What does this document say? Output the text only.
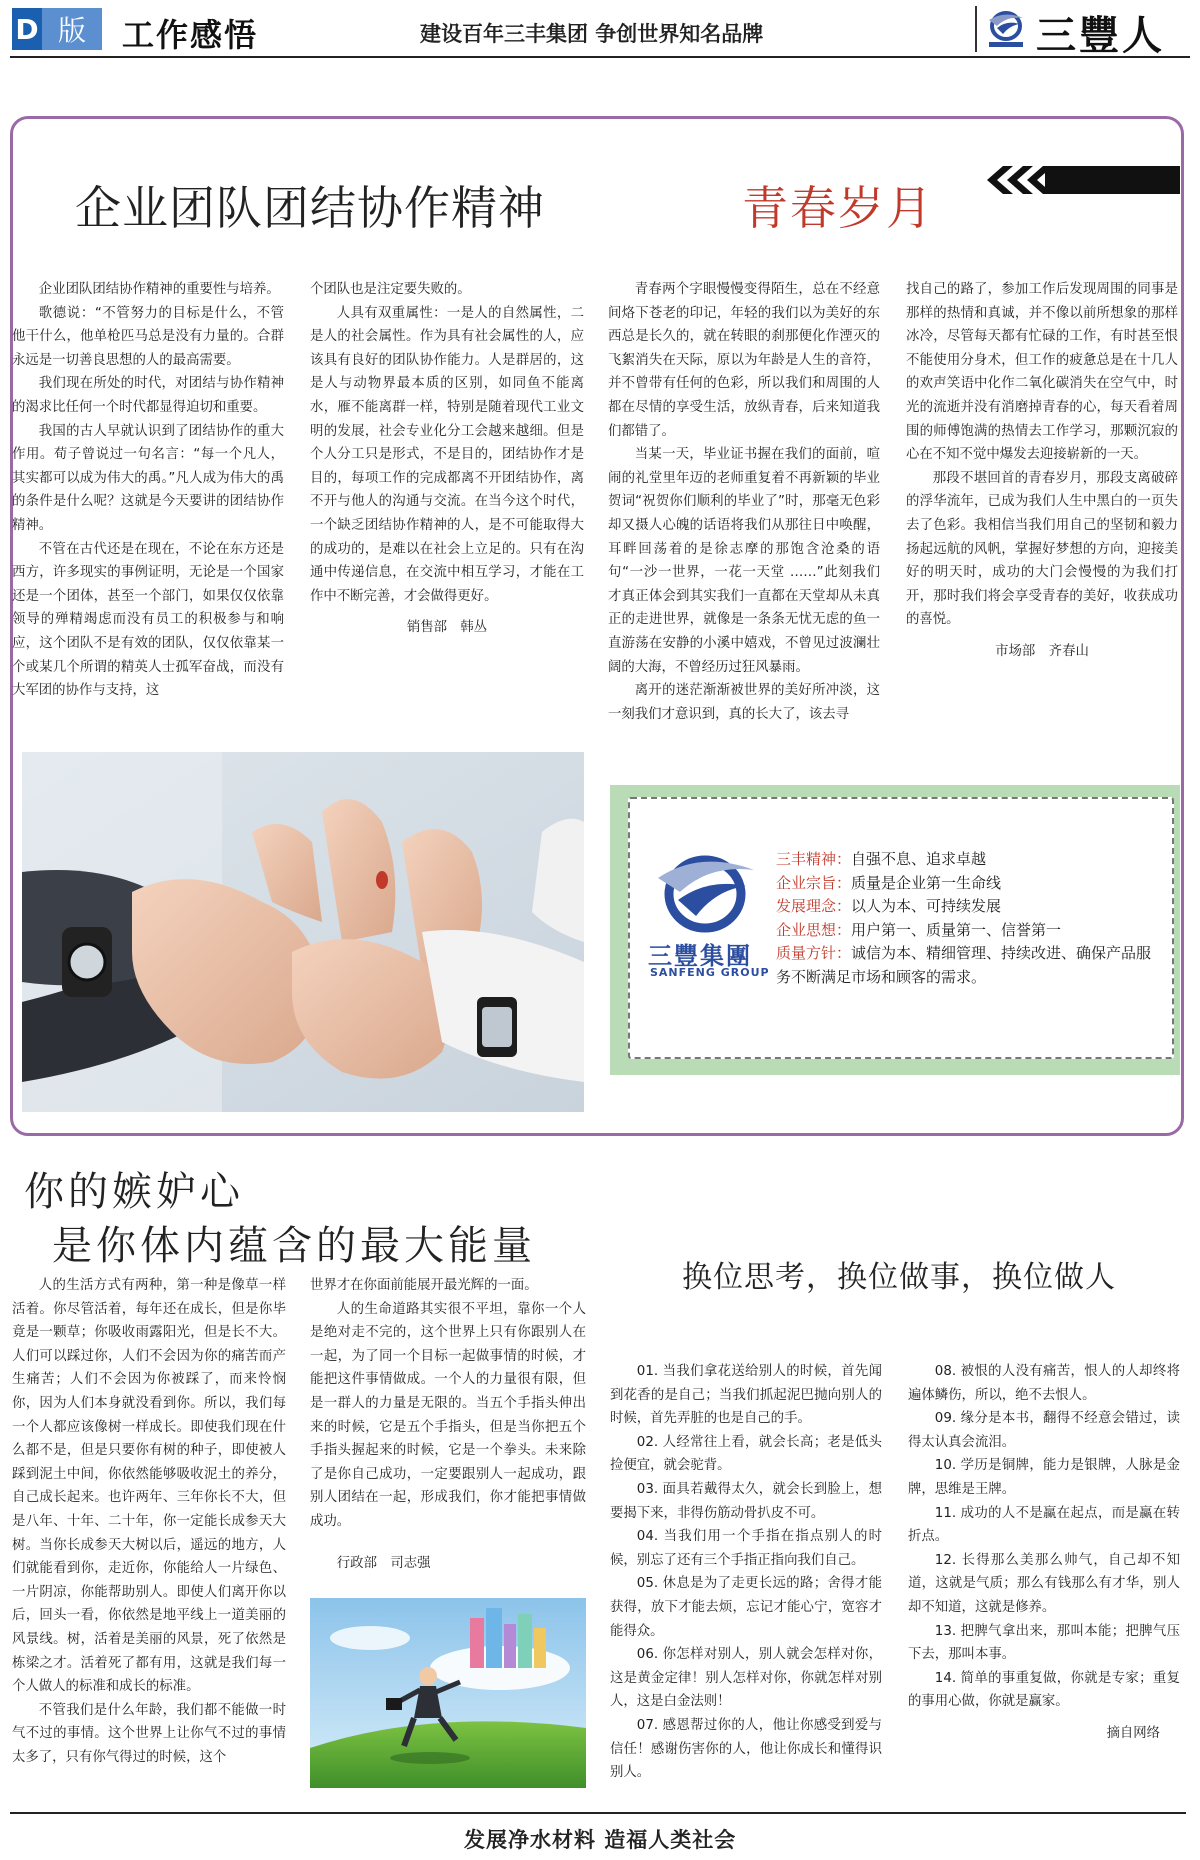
D 版	工作感悟	建设百年三丰集团 争创世界知名品牌	三豐人
企业团队团结协作精神	青春岁月

企业团队团结协作精神的重要性与培养。

歌德说：“不管努力的目标是什么，不管他干什么，他单枪匹马总是没有力量的。合群永远是一切善良思想的人的最高需要。

我们现在所处的时代，对团结与协作精神的渴求比任何一个时代都显得迫切和重要。

我国的古人早就认识到了团结协作的重大作用。荀子曾说过一句名言：“每一个凡人，其实都可以成为伟大的禹。”凡人成为伟大的禹的条件是什么呢？这就是今天要讲的团结协作精神。

不管在古代还是在现在，不论在东方还是西方，许多现实的事例证明，无论是一个国家还是一个团体，甚至一个部门，如果仅仅依靠领导的殚精竭虑而没有员工的积极参与和响应，这个团队不是有效的团队，仅仅依靠某一个或某几个所谓的精英人士孤军奋战，而没有大军团的协作与支持，这

个团队也是注定要失败的。

人具有双重属性：一是人的自然属性，二是人的社会属性。作为具有社会属性的人，应该具有良好的团队协作能力。人是群居的，这是人与动物界最本质的区别，如同鱼不能离水，雁不能离群一样，特别是随着现代工业文明的发展，社会专业化分工会越来越细。但是个人分工只是形式，不是目的，团结协作才是目的，每项工作的完成都离不开团结协作，离不开与他人的沟通与交流。在当今这个时代，一个缺乏团结协作精神的人，是不可能取得大的成功的，是难以在社会上立足的。只有在沟通中传递信息，在交流中相互学习，才能在工作中不断完善，才会做得更好。

销售部　韩丛

青春两个字眼慢慢变得陌生，总在不经意间烙下苍老的印记，年轻的我们以为美好的东西总是长久的，就在转眼的刹那便化作湮灭的飞絮消失在天际，原以为年龄是人生的音符，并不曾带有任何的色彩，所以我们和周围的人都在尽情的享受生活，放纵青春，后来知道我们都错了。

当某一天，毕业证书握在我们的面前，喧闹的礼堂里年迈的老师重复着不再新颖的毕业贺词“祝贺你们顺利的毕业了”时，那毫无色彩却又摄人心魄的话语将我们从那往日中唤醒，耳畔回荡着的是徐志摩的那饱含沧桑的语句“一沙一世界，一花一天堂 ……”此刻我们才真正体会到其实我们一直都在天堂却从未真正的走进世界，就像是一条条无忧无虑的鱼一直游荡在安静的小溪中嬉戏，不曾见过波澜壮阔的大海，不曾经历过狂风暴雨。

离开的迷茫渐渐被世界的美好所冲淡，这一刻我们才意识到，真的长大了，该去寻

找自己的路了，参加工作后发现周围的同事是那样的热情和真诚，并不像以前所想象的那样冰冷，尽管每天都有忙碌的工作，有时甚至恨不能使用分身术，但工作的疲惫总是在十几人的欢声笑语中化作二氧化碳消失在空气中，时光的流逝并没有消磨掉青春的心，每天看着周围的师傅饱满的热情去工作学习，那颗沉寂的心在不知不觉中爆发去迎接崭新的一天。

那段不堪回首的青春岁月，那段支离破碎的浮华流年，已成为我们人生中黑白的一页失去了色彩。我相信当我们用自己的坚韧和毅力扬起远航的风帆，掌握好梦想的方向，迎接美好的明天时，成功的大门会慢慢的为我们打开，那时我们将会享受青春的美好，收获成功的喜悦。

市场部　齐春山

三豐集團
SANFENG GROUP
三丰精神：自强不息、追求卓越
企业宗旨：质量是企业第一生命线
发展理念：以人为本、可持续发展
企业思想：用户第一、质量第一、信誉第一
质量方针：诚信为本、精细管理、持续改进、确保产品服务不断满足市场和顾客的需求。
你的嫉妒心
是你体内蕴含的最大能量

人的生活方式有两种，第一种是像草一样活着。你尽管活着，每年还在成长，但是你毕竟是一颗草；你吸收雨露阳光，但是长不大。人们可以踩过你，人们不会因为你的痛苦而产生痛苦；人们不会因为你被踩了，而来怜悯你，因为人们本身就没看到你。所以，我们每一个人都应该像树一样成长。即使我们现在什么都不是，但是只要你有树的种子，即使被人踩到泥土中间，你依然能够吸收泥土的养分，自己成长起来。也许两年、三年你长不大，但是八年、十年、二十年，你一定能长成参天大树。当你长成参天大树以后，遥远的地方，人们就能看到你，走近你，你能给人一片绿色、一片阴凉，你能帮助别人。即使人们离开你以后，回头一看，你依然是地平线上一道美丽的风景线。树，活着是美丽的风景，死了依然是栋梁之才。活着死了都有用，这就是我们每一个人做人的标准和成长的标准。

不管我们是什么年龄，我们都不能做一时气不过的事情。这个世界上让你气不过的事情太多了，只有你气得过的时候，这个

世界才在你面前能展开最光辉的一面。

人的生命道路其实很不平坦，靠你一个人是绝对走不完的，这个世界上只有你跟别人在一起，为了同一个目标一起做事情的时候，才能把这件事情做成。一个人的力量很有限，但是一群人的力量是无限的。当五个手指头伸出来的时候，它是五个手指头，但是当你把五个手指头握起来的时候，它是一个拳头。未来除了是你自己成功，一定要跟别人一起成功，跟别人团结在一起，形成我们，你才能把事情做成功。

行政部　司志强

换位思考，换位做事，换位做人

01. 当我们拿花送给别人的时候，首先闻到花香的是自己；当我们抓起泥巴抛向别人的时候，首先弄脏的也是自己的手。

02. 人经常往上看，就会长高；老是低头捡便宜，就会驼背。

03. 面具若戴得太久，就会长到脸上，想要揭下来，非得伤筋动骨扒皮不可。

04. 当我们用一个手指在指点别人的时候，别忘了还有三个手指正指向我们自己。

05. 休息是为了走更长远的路；舍得才能获得，放下才能去烦，忘记才能心宁，宽容才能得众。

06. 你怎样对别人，别人就会怎样对你，这是黄金定律！别人怎样对你，你就怎样对别人，这是白金法则！

07. 感恩帮过你的人，他让你感受到爱与信任！感谢伤害你的人，他让你成长和懂得识别人。

08. 被恨的人没有痛苦，恨人的人却终将遍体鳞伤，所以，绝不去恨人。

09. 缘分是本书，翻得不经意会错过，读得太认真会流泪。

10. 学历是铜牌，能力是银牌，人脉是金牌，思维是王牌。

11. 成功的人不是赢在起点，而是赢在转折点。

12. 长得那么美那么帅气，自己却不知道，这就是气质；那么有钱那么有才华，别人却不知道，这就是修养。

13. 把脾气拿出来，那叫本能；把脾气压下去，那叫本事。

14. 简单的事重复做，你就是专家；重复的事用心做，你就是赢家。

摘自网络

发展净水材料 造福人类社会
